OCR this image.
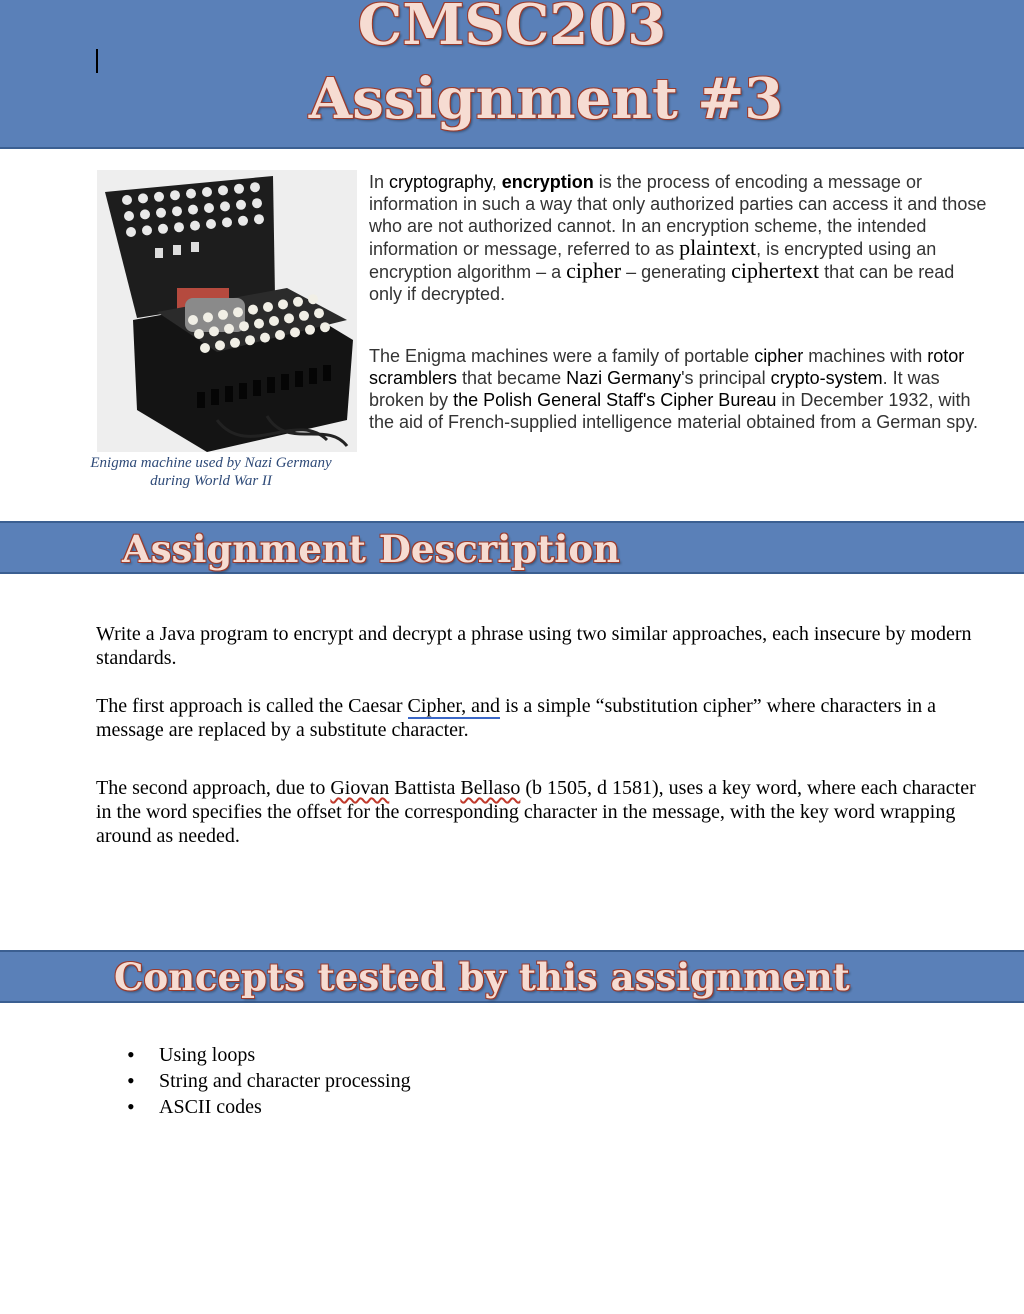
CMSC203
Assignment #3
Enigma machine used by Nazi Germany
during World War II
In cryptography, encryption is the process of encoding a message or information in such a way that only authorized parties can access it and those who are not authorized cannot. In an encryption scheme, the intended information or message, referred to as plaintext, is encrypted using an encryption algorithm – a cipher – generating ciphertext that can be read only if decrypted.
The Enigma machines were a family of portable cipher machines with rotor scramblers that became Nazi Germany's principal crypto-system. It was broken by the Polish General Staff's Cipher Bureau in December 1932, with the aid of French-supplied intelligence material obtained from a German spy.
Assignment Description
Write a Java program to encrypt and decrypt a phrase using two similar approaches, each insecure by modern standards.
The first approach is called the Caesar Cipher, and is a simple “substitution cipher” where characters in a message are replaced by a substitute character.
The second approach, due to Giovan Battista Bellaso (b 1505, d 1581), uses a key word, where each character in the word specifies the offset for the corresponding character in the message, with the key word wrapping around as needed.
Concepts tested by this assignment
• Using loops
• String and character processing
• ASCII codes
